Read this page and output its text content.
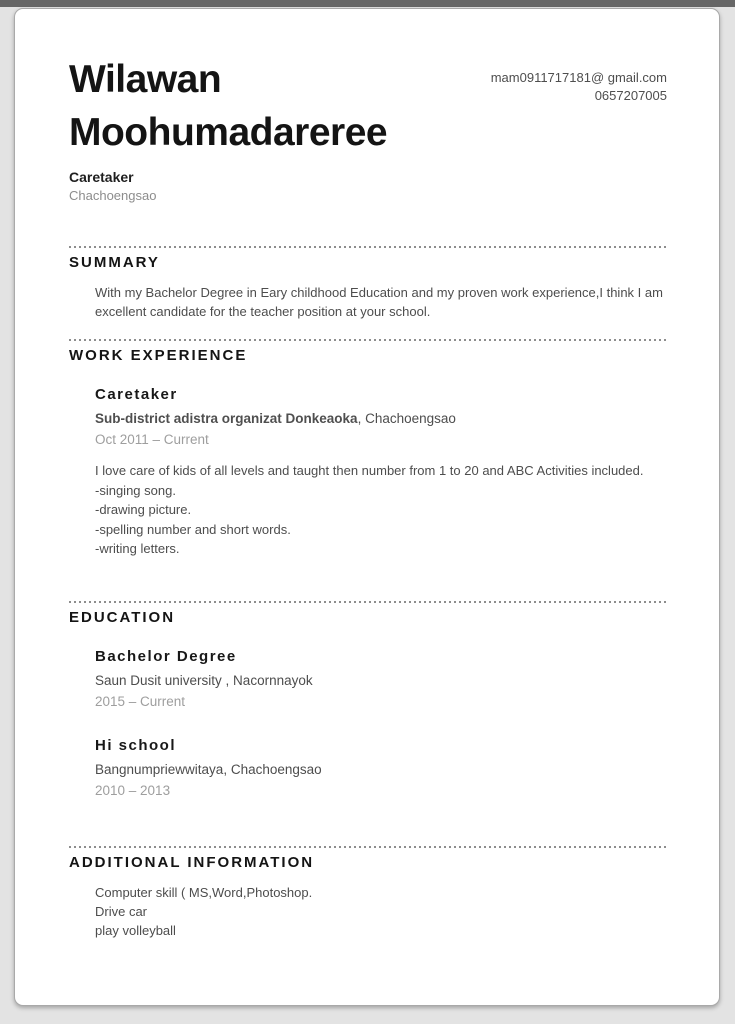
Wilawan
Moohumadareree
Caretaker
Chachoengsao
mam0911717181@ gmail.com
0657207005
SUMMARY
With my Bachelor Degree in Eary childhood Education and my proven work experience,I think I am excellent candidate for the teacher position at your school.
WORK EXPERIENCE
Caretaker
Sub-district adistra organizat Donkeaoka, Chachoengsao
Oct 2011 – Current
I love care of kids of all levels and taught then number from 1 to 20 and ABC Activities included.
-singing song.
-drawing picture.
-spelling number and short words.
-writing letters.
EDUCATION
Bachelor Degree
Saun Dusit university , Nacornnayok
2015 – Current
Hi school
Bangnumpriewwitaya, Chachoengsao
2010 – 2013
ADDITIONAL INFORMATION
Computer skill ( MS,Word,Photoshop.
Drive car
play volleyball
